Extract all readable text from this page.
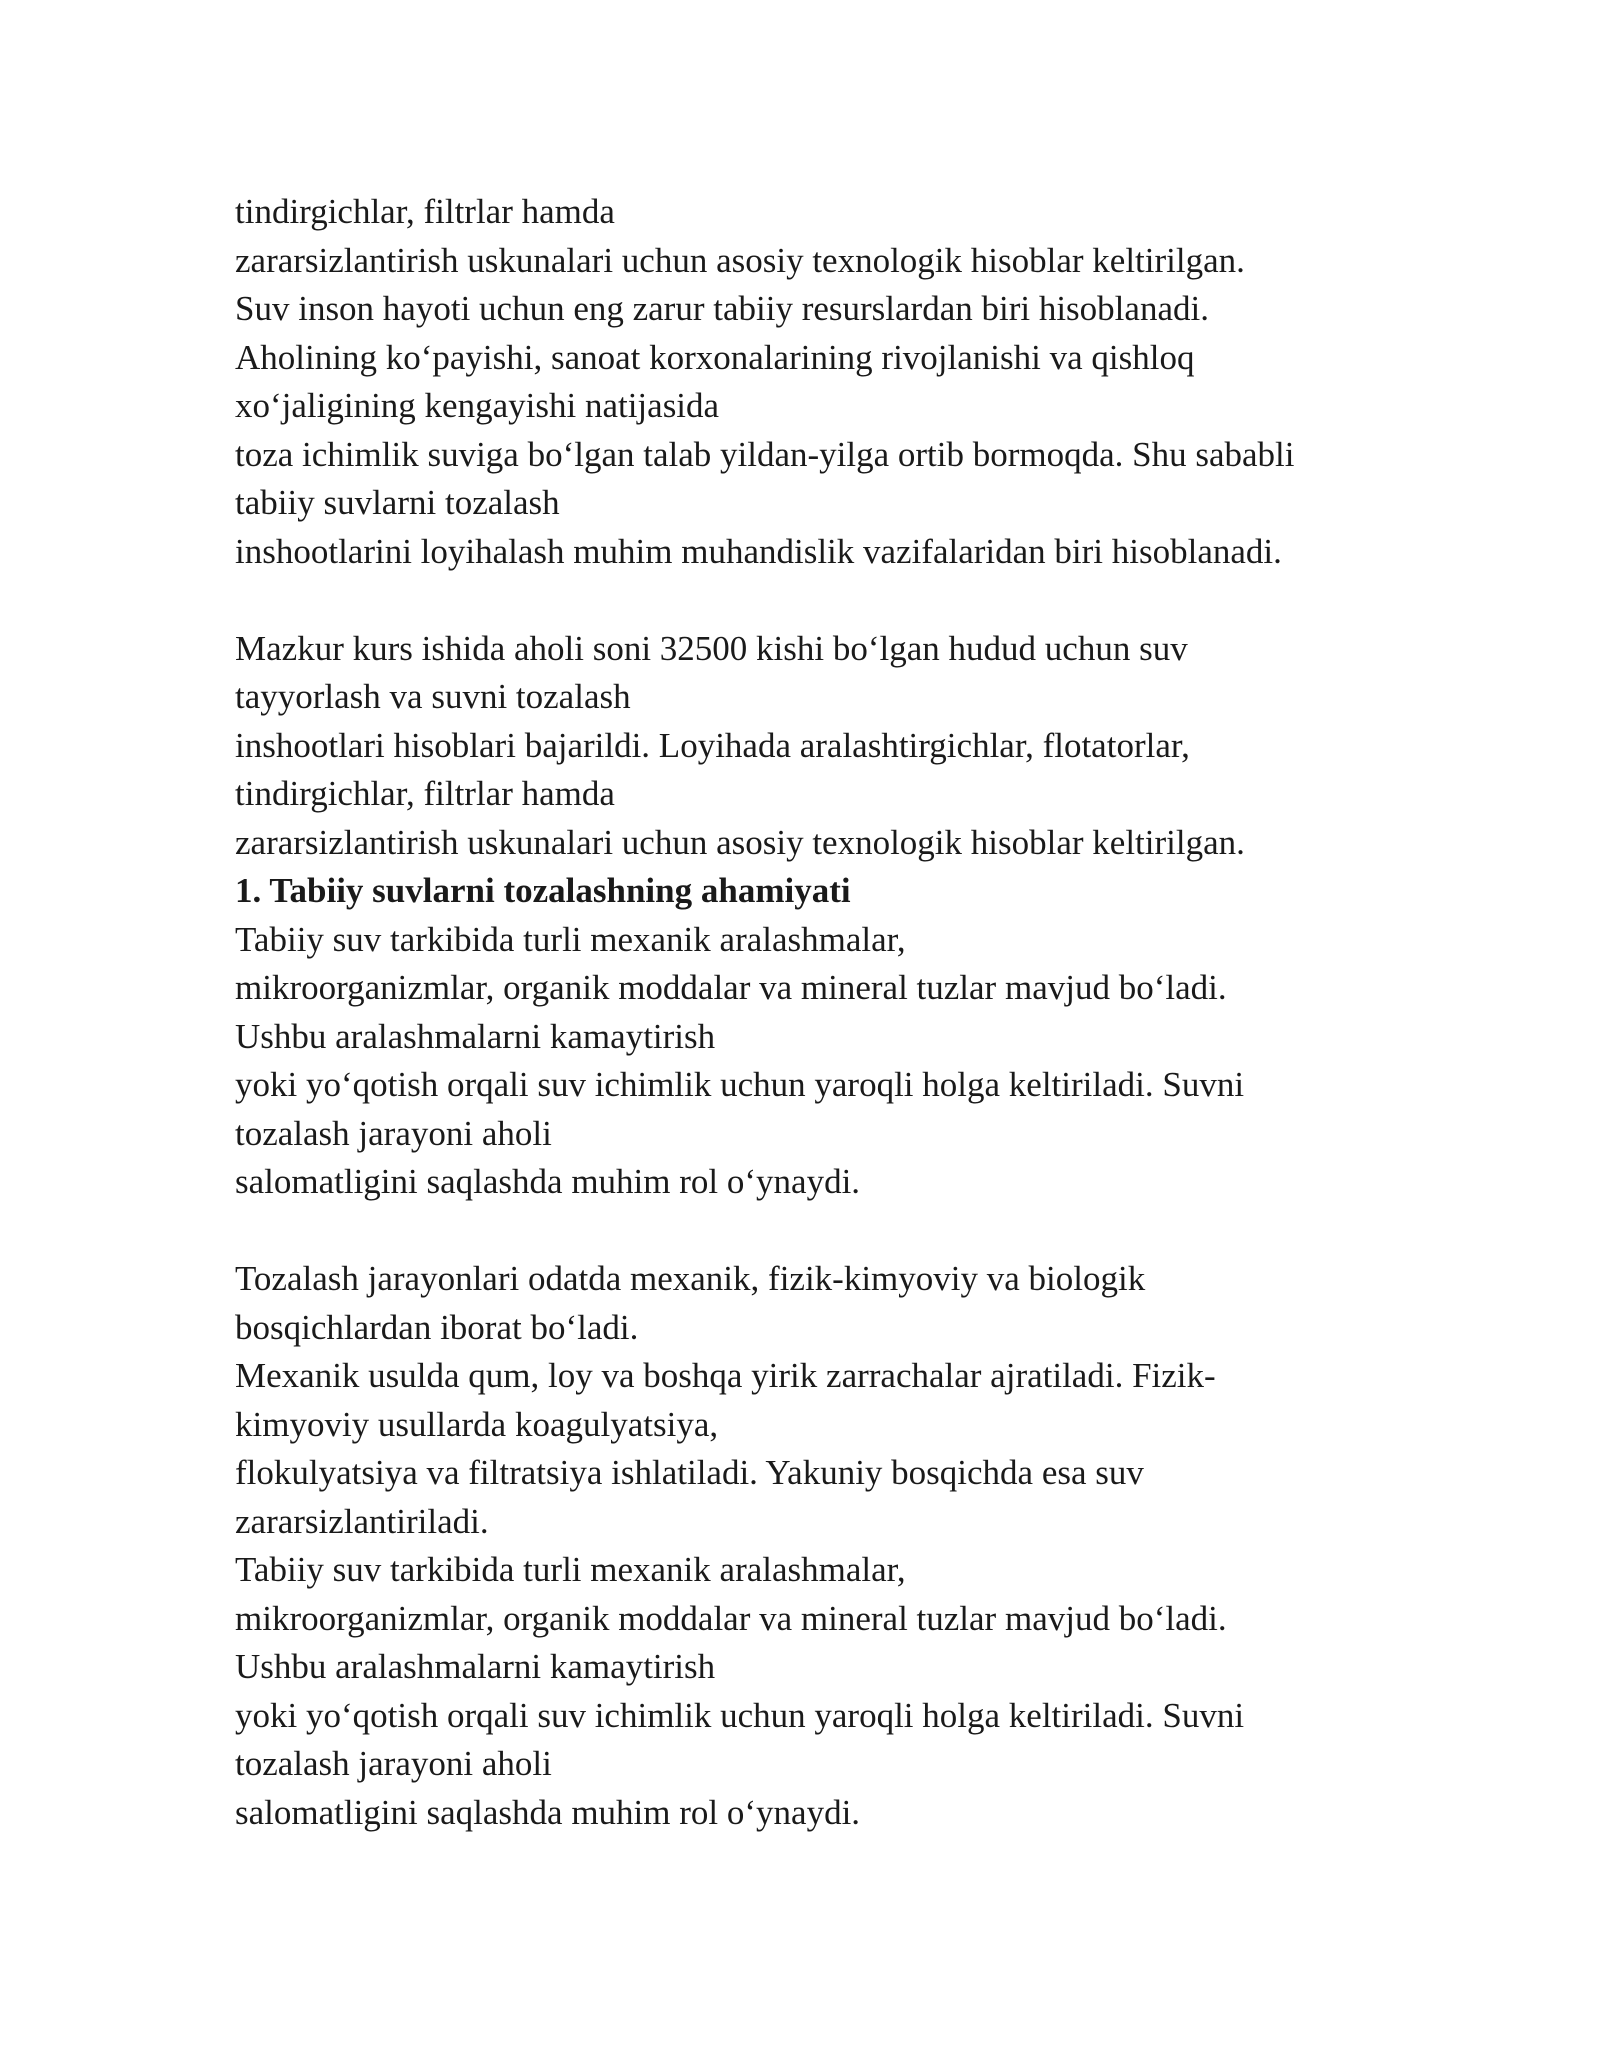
tindirgichlar, filtrlar hamda
zararsizlantirish uskunalari uchun asosiy texnologik hisoblar keltirilgan.
Suv inson hayoti uchun eng zarur tabiiy resurslardan biri hisoblanadi.
Aholining ko‘payishi, sanoat korxonalarining rivojlanishi va qishloq
xo‘jaligining kengayishi natijasida
toza ichimlik suviga bo‘lgan talab yildan-yilga ortib bormoqda. Shu sababli
tabiiy suvlarni tozalash
inshootlarini loyihalash muhim muhandislik vazifalaridan biri hisoblanadi.
Mazkur kurs ishida aholi soni 32500 kishi bo‘lgan hudud uchun suv
tayyorlash va suvni tozalash
inshootlari hisoblari bajarildi. Loyihada aralashtirgichlar, flotatorlar,
tindirgichlar, filtrlar hamda
zararsizlantirish uskunalari uchun asosiy texnologik hisoblar keltirilgan.
1. Tabiiy suvlarni tozalashning ahamiyati
Tabiiy suv tarkibida turli mexanik aralashmalar,
mikroorganizmlar, organik moddalar va mineral tuzlar mavjud bo‘ladi.
Ushbu aralashmalarni kamaytirish
yoki yo‘qotish orqali suv ichimlik uchun yaroqli holga keltiriladi. Suvni
tozalash jarayoni aholi
salomatligini saqlashda muhim rol o‘ynaydi.
Tozalash jarayonlari odatda mexanik, fizik-kimyoviy va biologik
bosqichlardan iborat bo‘ladi.
Mexanik usulda qum, loy va boshqa yirik zarrachalar ajratiladi. Fizik-
kimyoviy usullarda koagulyatsiya,
flokulyatsiya va filtratsiya ishlatiladi. Yakuniy bosqichda esa suv
zararsizlantiriladi.
Tabiiy suv tarkibida turli mexanik aralashmalar,
mikroorganizmlar, organik moddalar va mineral tuzlar mavjud bo‘ladi.
Ushbu aralashmalarni kamaytirish
yoki yo‘qotish orqali suv ichimlik uchun yaroqli holga keltiriladi. Suvni
tozalash jarayoni aholi
salomatligini saqlashda muhim rol o‘ynaydi.
